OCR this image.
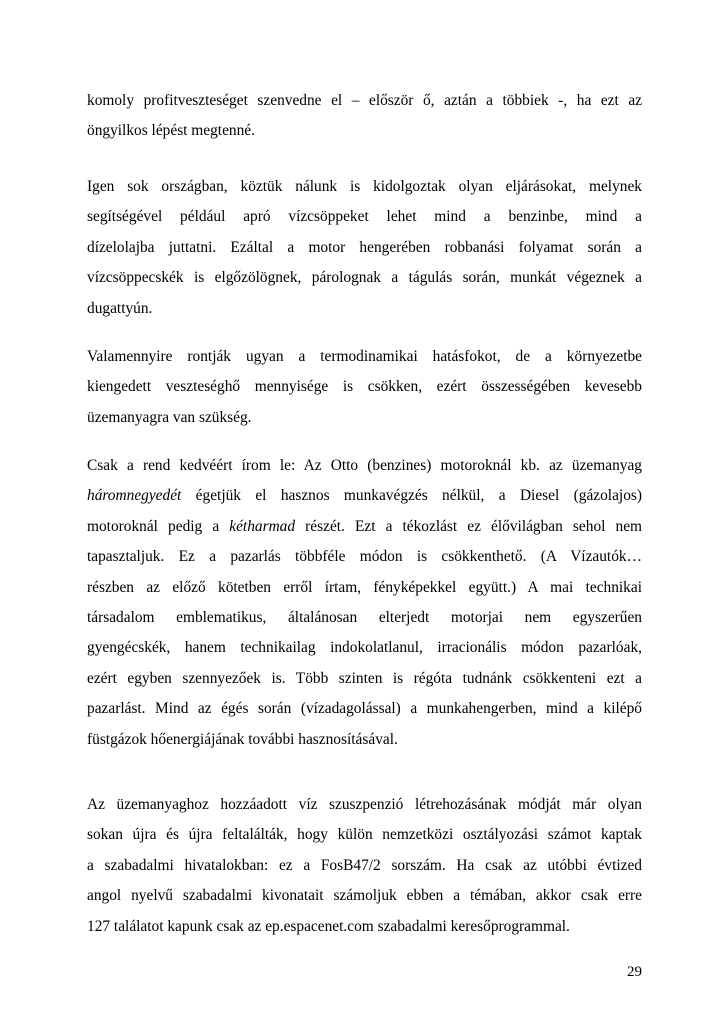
komoly profitveszteséget szenvedne el – először ő, aztán a többiek -, ha ezt az
öngyilkos lépést megtenné.
Igen sok országban, köztük nálunk is kidolgoztak olyan eljárásokat, melynek
segítségével például apró vízcsöppeket lehet mind a benzinbe, mind a
dízelolajba juttatni. Ezáltal a motor hengerében robbanási folyamat során a
vízcsöppecskék is elgőzölögnek, párolognak a tágulás során, munkát végeznek a
dugattyún.
Valamennyire rontják ugyan a termodinamikai hatásfokot, de a környezetbe
kiengedett veszteséghő mennyisége is csökken, ezért összességében kevesebb
üzemanyagra van szükség.
Csak a rend kedvéért írom le: Az Otto (benzines) motoroknál kb. az üzemanyag
háromnegyedét égetjük el hasznos munkavégzés nélkül, a Diesel (gázolajos)
motoroknál pedig a kétharmad részét. Ezt a tékozlást ez élővilágban sehol nem
tapasztaljuk. Ez a pazarlás többféle módon is csökkenthető. (A Vízautók…
részben az előző kötetben erről írtam, fényképekkel együtt.) A mai technikai
társadalom emblematikus, általánosan elterjedt motorjai nem egyszerűen
gyengécskék, hanem technikailag indokolatlanul, irracionális módon pazarlóak,
ezért egyben szennyezőek is. Több szinten is régóta tudnánk csökkenteni ezt a
pazarlást. Mind az égés során (vízadagolással) a munkahengerben, mind a kilépő
füstgázok hőenergiájának további hasznosításával.
Az üzemanyaghoz hozzáadott víz szuszpenzió létrehozásának módját már olyan
sokan újra és újra feltalálták, hogy külön nemzetközi osztályozási számot kaptak
a szabadalmi hivatalokban: ez a FosB47/2 sorszám. Ha csak az utóbbi évtized
angol nyelvű szabadalmi kivonatait számoljuk ebben a témában, akkor csak erre
127 találatot kapunk csak az ep.espacenet.com szabadalmi keresőprogrammal.
29
